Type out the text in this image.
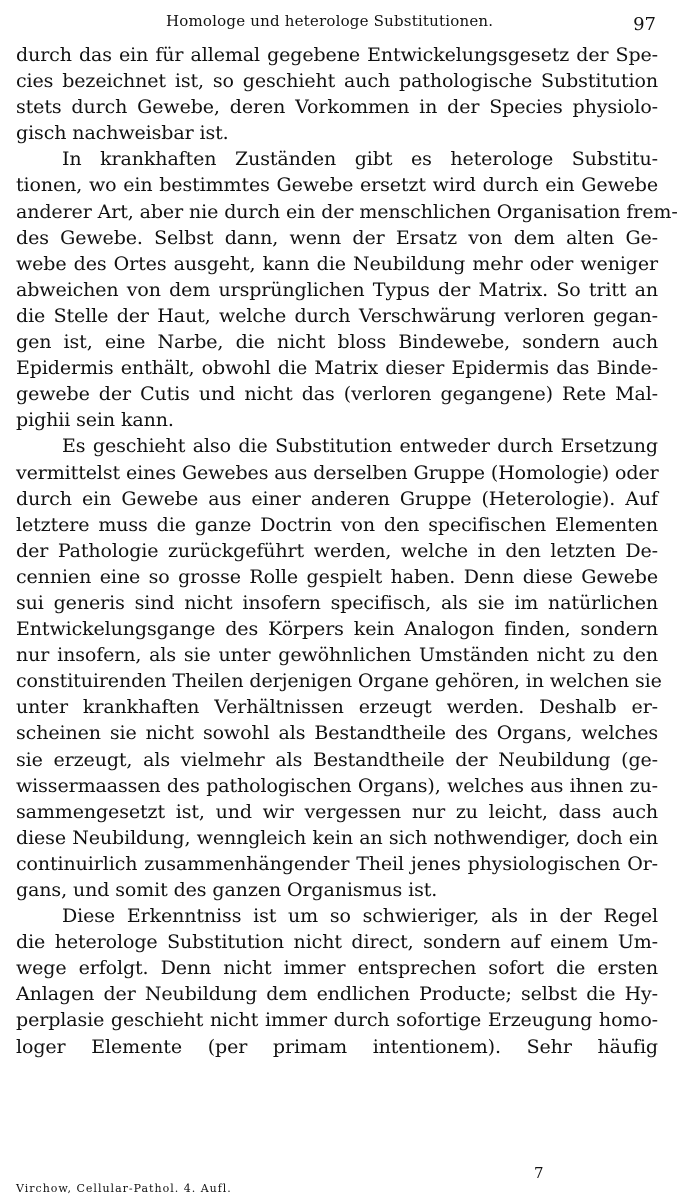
Homologe und heterologe Substitutionen.	97

durch das ein für allemal gegebene Entwickelungsgesetz der Spe-
cies bezeichnet ist, so geschieht auch pathologische Substitution
stets durch Gewebe, deren Vorkommen in der Species physiolo-
gisch nachweisbar ist.

In krankhaften Zuständen gibt es heterologe Substitu-
tionen, wo ein bestimmtes Gewebe ersetzt wird durch ein Gewebe
anderer Art, aber nie durch ein der menschlichen Organisation frem-
des Gewebe. Selbst dann, wenn der Ersatz von dem alten Ge-
webe des Ortes ausgeht, kann die Neubildung mehr oder weniger
abweichen von dem ursprünglichen Typus der Matrix. So tritt an
die Stelle der Haut, welche durch Verschwärung verloren gegan-
gen ist, eine Narbe, die nicht bloss Bindewebe, sondern auch
Epidermis enthält, obwohl die Matrix dieser Epidermis das Binde-
gewebe der Cutis und nicht das (verloren gegangene) Rete Mal-
pighii sein kann.

Es geschieht also die Substitution entweder durch Ersetzung
vermittelst eines Gewebes aus derselben Gruppe (Homologie) oder
durch ein Gewebe aus einer anderen Gruppe (Heterologie). Auf
letztere muss die ganze Doctrin von den specifischen Elementen
der Pathologie zurückgeführt werden, welche in den letzten De-
cennien eine so grosse Rolle gespielt haben. Denn diese Gewebe
sui generis sind nicht insofern specifisch, als sie im natürlichen
Entwickelungsgange des Körpers kein Analogon finden, sondern
nur insofern, als sie unter gewöhnlichen Umständen nicht zu den
constituirenden Theilen derjenigen Organe gehören, in welchen sie
unter krankhaften Verhältnissen erzeugt werden. Deshalb er-
scheinen sie nicht sowohl als Bestandtheile des Organs, welches
sie erzeugt, als vielmehr als Bestandtheile der Neubildung (ge-
wissermaassen des pathologischen Organs), welches aus ihnen zu-
sammengesetzt ist, und wir vergessen nur zu leicht, dass auch
diese Neubildung, wenngleich kein an sich nothwendiger, doch ein
continuirlich zusammenhängender Theil jenes physiologischen Or-
gans, und somit des ganzen Organismus ist.

Diese Erkenntniss ist um so schwieriger, als in der Regel
die heterologe Substitution nicht direct, sondern auf einem Um-
wege erfolgt. Denn nicht immer entsprechen sofort die ersten
Anlagen der Neubildung dem endlichen Producte; selbst die Hy-
perplasie geschieht nicht immer durch sofortige Erzeugung homo-
loger Elemente (per primam intentionem). Sehr häufig

Virchow, Cellular-Pathol. 4. Aufl.
7
